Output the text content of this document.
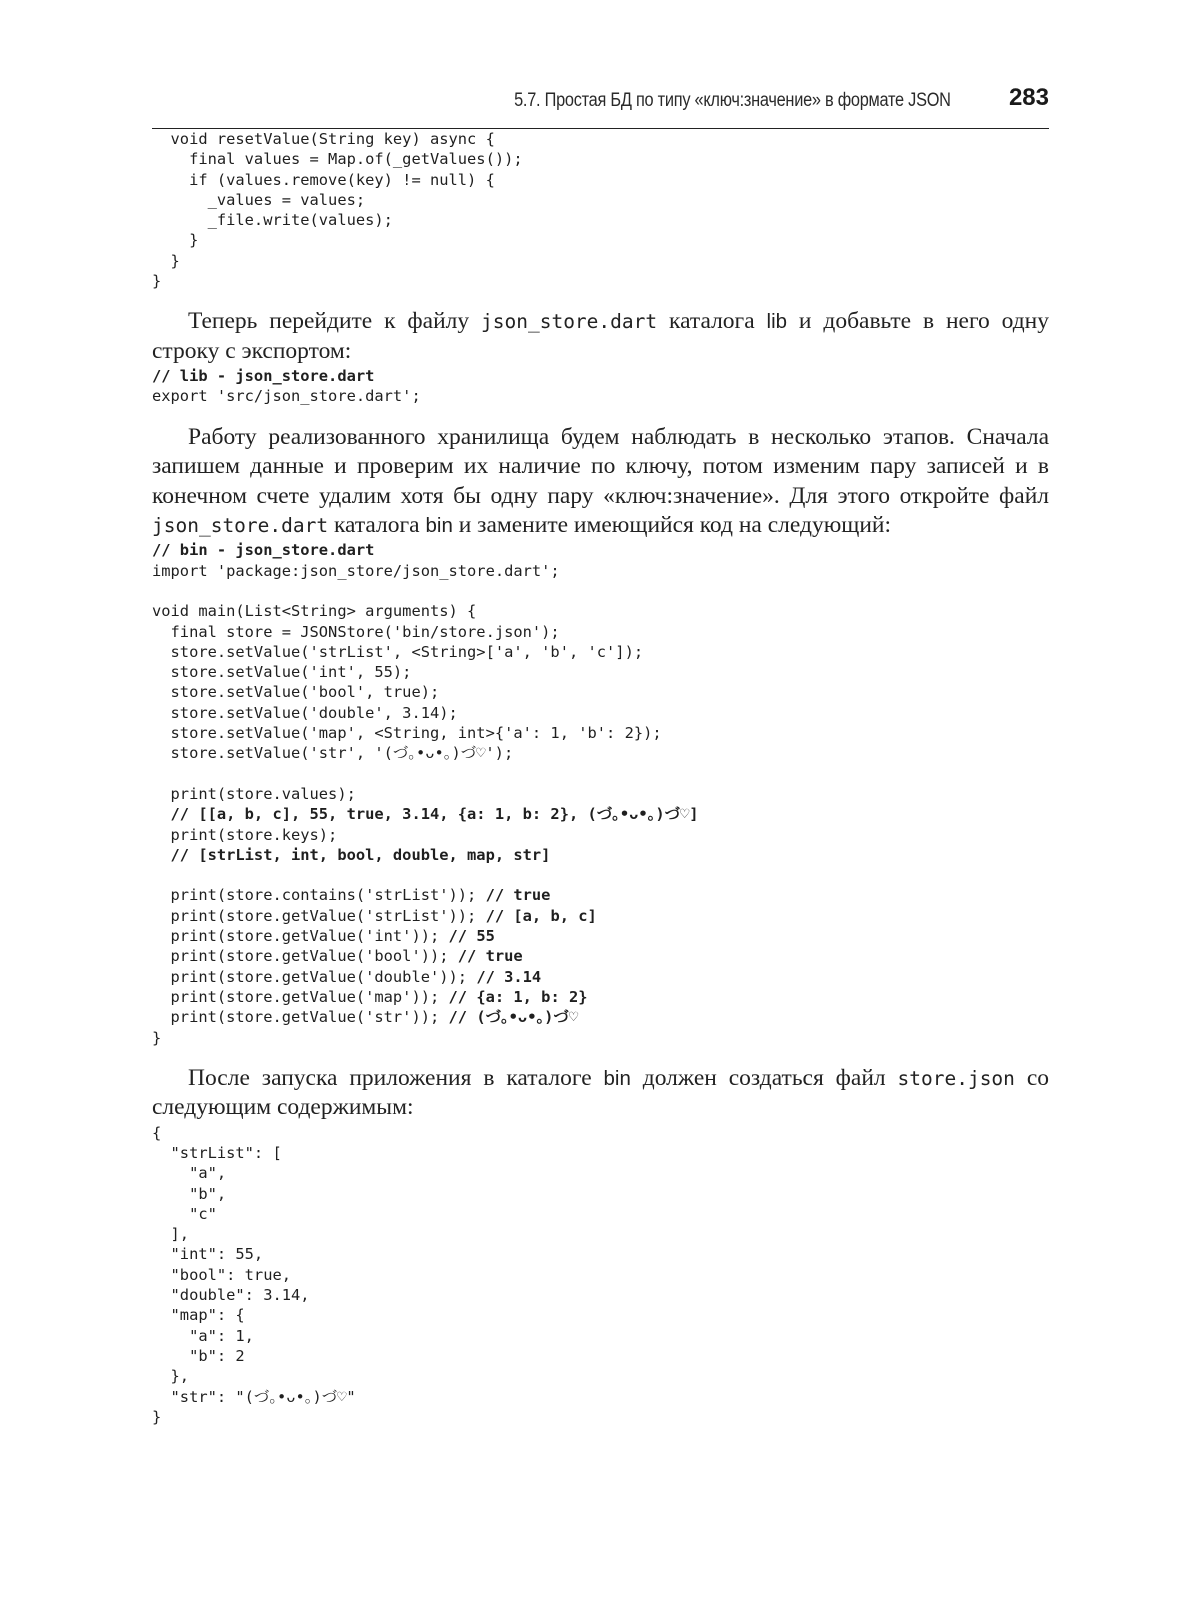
5.7. Простая БД по типу «ключ:значение» в формате JSON 283
void resetValue(String key) async {
final values = Map.of(_getValues());
if (values.remove(key) != null) {
_values = values;
_file.write(values);
}
}
}

Теперь перейдите к файлу json_store.dart каталога lib и добавьте в него одну строку с экспортом:

// lib - json_store.dart
export 'src/json_store.dart';

Работу реализованного хранилища будем наблюдать в несколько этапов. Сначала запишем данные и проверим их наличие по ключу, потом изменим пару записей и в конечном счете удалим хотя бы одну пару «ключ:значение». Для этого откройте файл json_store.dart каталога bin и замените имеющийся код на следующий:

// bin - json_store.dart
import 'package:json_store/json_store.dart';

void main(List<String> arguments) {
final store = JSONStore('bin/store.json');
store.setValue('strList', <String>['a', 'b', 'c']);
store.setValue('int', 55);
store.setValue('bool', true);
store.setValue('double', 3.14);
store.setValue('map', <String, int>{'a': 1, 'b': 2});
store.setValue('str', '(づ｡•ᴗ•｡)づ♡');

print(store.values);
// [[a, b, c], 55, true, 3.14, {a: 1, b: 2}, (づ｡•ᴗ•｡)づ♡]
print(store.keys);
// [strList, int, bool, double, map, str]

print(store.contains('strList')); // true
print(store.getValue('strList')); // [a, b, c]
print(store.getValue('int')); // 55
print(store.getValue('bool')); // true
print(store.getValue('double')); // 3.14
print(store.getValue('map')); // {a: 1, b: 2}
print(store.getValue('str')); // (づ｡•ᴗ•｡)づ♡
}

После запуска приложения в каталоге bin должен создаться файл store.json со следующим содержимым:

{
"strList": [
"a",
"b",
"c"
],
"int": 55,
"bool": true,
"double": 3.14,
"map": {
"a": 1,
"b": 2
},
"str": "(づ｡•ᴗ•｡)づ♡"
}
